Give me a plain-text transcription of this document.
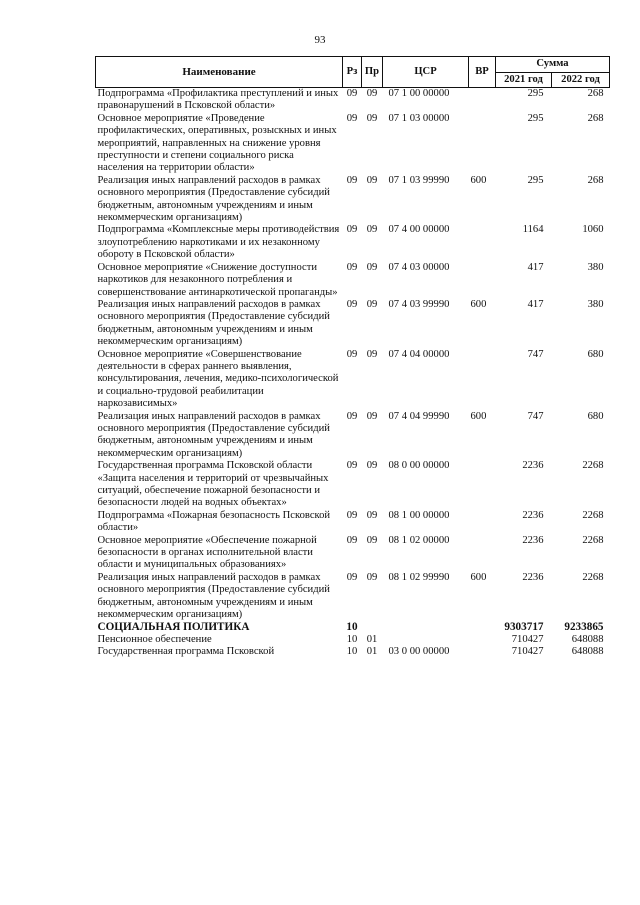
93
Наименование	Рз	Пр	ЦСР	ВР	Сумма	
					2021 год	2022 год
Подпрограмма «Профилактика преступлений и иных правонарушений в Псковской области»	09	09	07 1 00 00000		295	268
Основное мероприятие «Проведение профилактических, оперативных, розыскных и иных мероприятий, направленных на снижение уровня преступности и степени социального риска населения на территории области»	09	09	07 1 03 00000		295	268
Реализация иных направлений расходов в рамках основного мероприятия (Предоставление субсидий бюджетным, автономным учреждениям и иным некоммерческим организациям)	09	09	07 1 03 99990	600	295	268
Подпрограмма «Комплексные меры противодействия злоупотреблению наркотиками и их незаконному обороту в Псковской области»	09	09	07 4 00 00000		1164	1060
Основное мероприятие «Снижение доступности наркотиков для незаконного потребления и совершенствование антинаркотической пропаганды»	09	09	07 4 03 00000		417	380
Реализация иных направлений расходов в рамках основного мероприятия (Предоставление субсидий бюджетным, автономным учреждениям и иным некоммерческим организациям)	09	09	07 4 03 99990	600	417	380
Основное мероприятие «Совершенствование деятельности в сферах раннего выявления, консультирования, лечения, медико-психологической и социально-трудовой реабилитации наркозависимых»	09	09	07 4 04 00000		747	680
Реализация иных направлений расходов в рамках основного мероприятия (Предоставление субсидий бюджетным, автономным учреждениям и иным некоммерческим организациям)	09	09	07 4 04 99990	600	747	680
Государственная программа Псковской области «Защита населения и территорий от чрезвычайных ситуаций, обеспечение пожарной безопасности и безопасности людей на водных объектах»	09	09	08 0 00 00000		2236	2268
Подпрограмма «Пожарная безопасность Псковской области»	09	09	08 1 00 00000		2236	2268
Основное мероприятие «Обеспечение пожарной безопасности в органах исполнительной власти области и муниципальных образованиях»	09	09	08 1 02 00000		2236	2268
Реализация иных направлений расходов в рамках основного мероприятия (Предоставление субсидий бюджетным, автономным учреждениям и иным некоммерческим организациям)	09	09	08 1 02 99990	600	2236	2268
СОЦИАЛЬНАЯ ПОЛИТИКА	10				9303717	9233865
Пенсионное обеспечение	10	01			710427	648088
Государственная программа Псковской	10	01	03 0 00 00000		710427	648088
